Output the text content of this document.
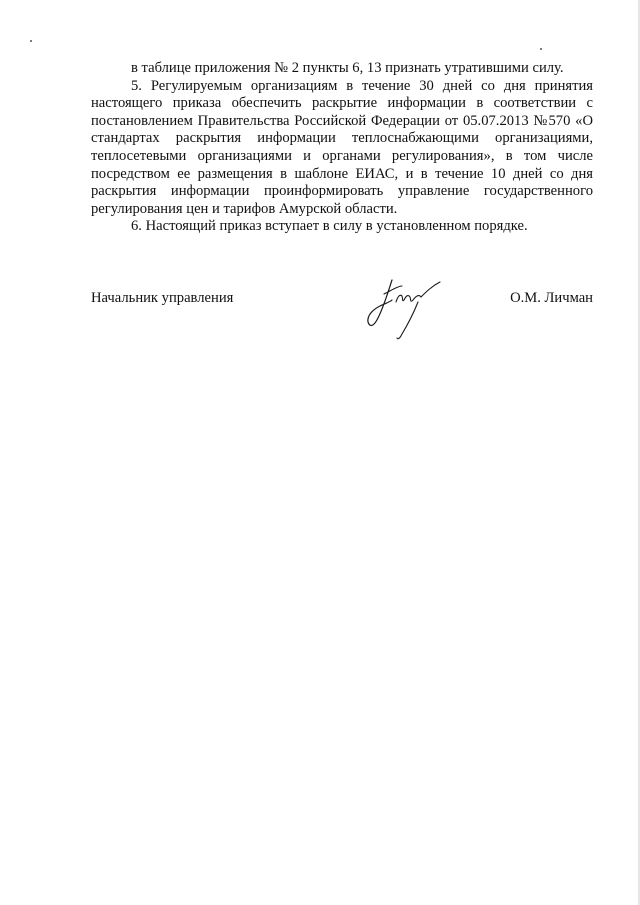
в таблице приложения № 2 пункты 6, 13 признать утратившими силу.

5. Регулируемым организациям в течение 30 дней со дня принятия настоящего приказа обеспечить раскрытие информации в соответствии с постановлением Правительства Российской Федерации от 05.07.2013 №570 «О стандартах раскрытия информации теплоснабжающими организациями, теплосетевыми организациями и органами регулирования», в том числе посредством ее размещения в шаблоне ЕИАС, и в течение 10 дней со дня раскрытия информации проинформировать управление государственного регулирования цен и тарифов Амурской области.

6. Настоящий приказ вступает в силу в установленном порядке.

Начальник управления	О.М. Личман
